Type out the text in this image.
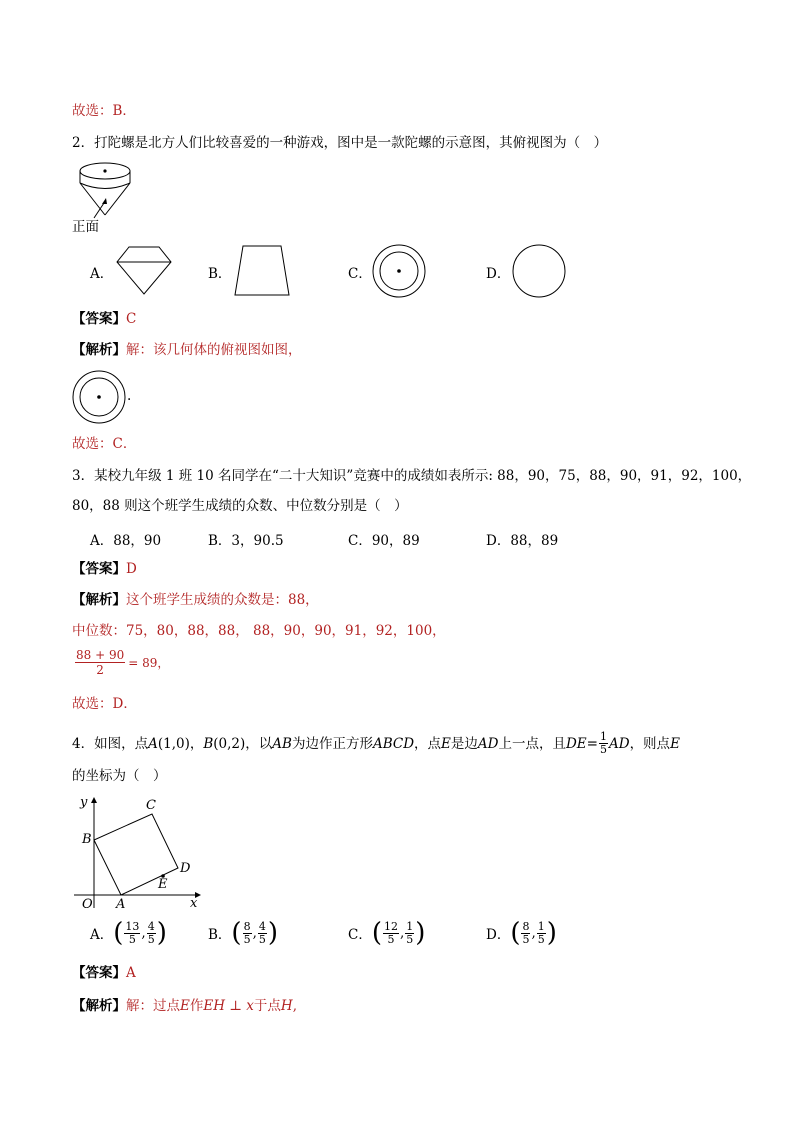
故选：B．
2．打陀螺是北方人们比较喜爱的一种游戏，图中是一款陀螺的示意图，其俯视图为（　）
正面
A．	B．	C．	D．
【答案】C
【解析】解：该几何体的俯视图如图，
.
故选：C．
3．某校九年级 1 班 10 名同学在“二十大知识”竞赛中的成绩如表所示: 88，90，75，88，90，91，92，100，
80，88 则这个班学生成绩的众数、中位数分别是（　）
A．88，90	B．3，90.5	C．90，89	D．88，89
【答案】D
【解析】这个班学生成绩的众数是：88，
中位数：75，80，88，88， 88，90，90，91，92，100，
$\frac{88 + 90}{2} = 89$，
故选：D．
4．如图，点 A (1,0) ， B (0,2) ，以 AB 为边作正方形 ABCD ，点 E 是边 AD 上一点，且 DE = $\frac{1}{5}$ AD ，则点 E
的坐标为（　）
y
x
O A
B
C
D
E
A． ( $\frac{13}{5}$ , $\frac{4}{5}$ )	B． ( $\frac{8}{5}$ , $\frac{4}{5}$ )	C． ( $\frac{12}{5}$ , $\frac{1}{5}$ )	D． ( $\frac{8}{5}$ , $\frac{1}{5}$ )
【答案】A
【解析】解：过点E作EH ⊥ x于点H,
